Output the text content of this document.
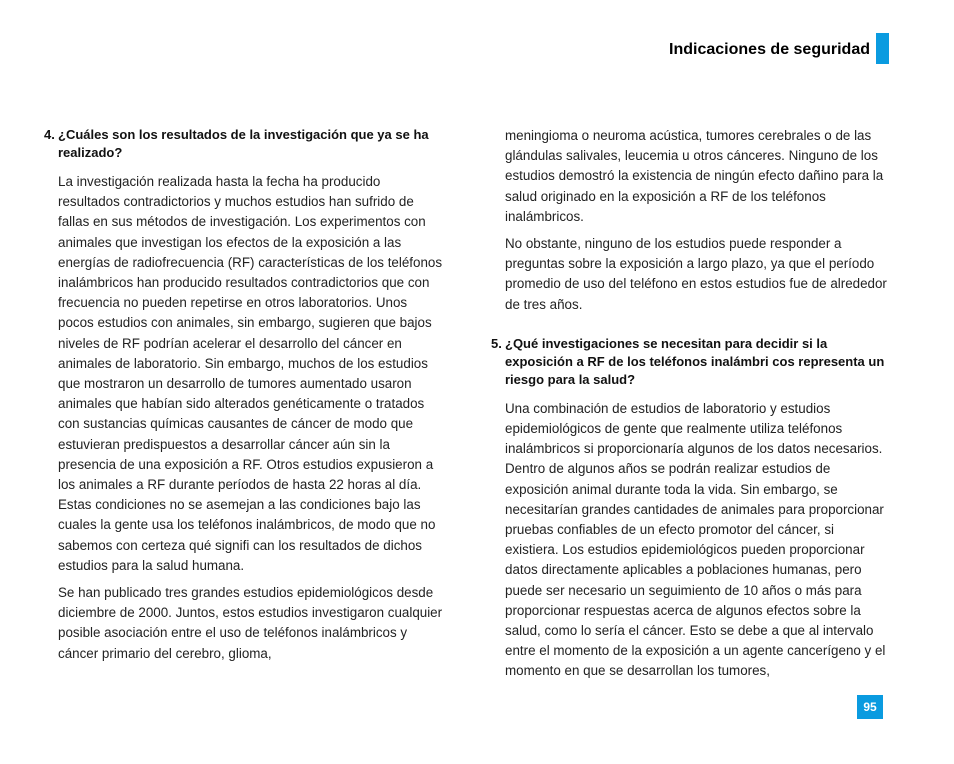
Indicaciones de seguridad
4. ¿Cuáles son los resultados de la investigación que ya se ha realizado?

La investigación realizada hasta la fecha ha producido resultados contradictorios y muchos estudios han sufrido de fallas en sus métodos de investigación. Los experimentos con animales que investigan los efectos de la exposición a las energías de radiofrecuencia (RF) características de los teléfonos inalámbricos han producido resultados contradictorios que con frecuencia no pueden repetirse en otros laboratorios. Unos pocos estudios con animales, sin embargo, sugieren que bajos niveles de RF podrían acelerar el desarrollo del cáncer en animales de laboratorio. Sin embargo, muchos de los estudios que mostraron un desarrollo de tumores aumentado usaron animales que habían sido alterados genéticamente o tratados con sustancias químicas causantes de cáncer de modo que estuvieran predispuestos a desarrollar cáncer aún sin la presencia de una exposición a RF. Otros estudios expusieron a los animales a RF durante períodos de hasta 22 horas al día. Estas condiciones no se asemejan a las condiciones bajo las cuales la gente usa los teléfonos inalámbricos, de modo que no sabemos con certeza qué signifi can los resultados de dichos estudios para la salud humana.

Se han publicado tres grandes estudios epidemiológicos desde diciembre de 2000. Juntos, estos estudios investigaron cualquier posible asociación entre el uso de teléfonos inalámbricos y cáncer primario del cerebro, glioma,

meningioma o neuroma acústica, tumores cerebrales o de las glándulas salivales, leucemia u otros cánceres. Ninguno de los estudios demostró la existencia de ningún efecto dañino para la salud originado en la exposición a RF de los teléfonos inalámbricos.

No obstante, ninguno de los estudios puede responder a preguntas sobre la exposición a largo plazo, ya que el período promedio de uso del teléfono en estos estudios fue de alrededor de tres años.

5. ¿Qué investigaciones se necesitan para decidir si la exposición a RF de los teléfonos inalámbri cos representa un riesgo para la salud?

Una combinación de estudios de laboratorio y estudios epidemiológicos de gente que realmente utiliza teléfonos inalámbricos si proporcionaría algunos de los datos necesarios. Dentro de algunos años se podrán realizar estudios de exposición animal durante toda la vida. Sin embargo, se necesitarían grandes cantidades de animales para proporcionar pruebas confiables de un efecto promotor del cáncer, si existiera. Los estudios epidemiológicos pueden proporcionar datos directamente aplicables a poblaciones humanas, pero puede ser necesario un seguimiento de 10 años o más para proporcionar respuestas acerca de algunos efectos sobre la salud, como lo sería el cáncer. Esto se debe a que al intervalo entre el momento de la exposición a un agente cancerígeno y el momento en que se desarrollan los tumores,

95
